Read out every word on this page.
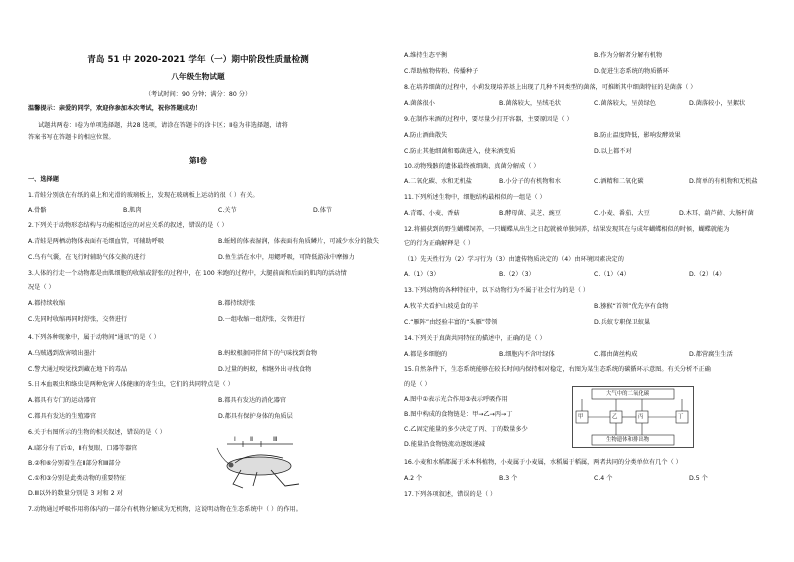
青岛 51 中 2020-2021 学年（一）期中阶段性质量检测
八年级生物试题
（考试时间：90 分钟；满分：80 分）
温馨提示：亲爱的同学，欢迎你参加本次考试，祝你答题成功！
试题共两卷：Ⅰ卷为单项选择题，共28 选项，请涂在答题卡的涂卡区；Ⅱ卷为非选择题，请将
答案书写在答题卡的相应位置。
第Ⅰ卷
一、选择题
1.青蛙分别放在有纸的桌上和光滑的玻璃板上，发现在玻璃板上运动的很（ ）有关。
A.骨骼	B.肌肉	C.关节	D.体节
2.下列关于动物形态结构与功能相适应的对应关系的叙述，错误的是（ ）
A.青蛙是两栖动物体表面有毛细血管，可辅助呼吸	B.蚯蚓的体表湿润，体表面有角质鳞片，可减少水分的散失
C.鸟有气囊，在飞行时辅助气体交换的进行	D.鱼生活在水中，用鳃呼吸，可降低游泳中摩擦力
3.人体的行走一个动物都是由肌细胞的收缩或舒张的过程中，在 100 米跑的过程中，大腿前面和后面的肌肉的活动情
况是（ ）
A.都持续收缩	B.都持续舒张
C.先同时收缩再同时舒张，交替进行	D.一组收缩一组舒张，交替进行
4.下列各种现象中，属于动物间“通讯”的是（ ）
A.乌贼遇到敌害喷出墨汁	B.蚂蚁根据同伴留下的气味找到食物
C.警犬通过嗅觉找到藏在地下的毒品	D.过量的蚂蚁，相继外出寻找食物
5.日本血吸虫和绦虫是两种危害人体健康的寄生虫，它们的共同特点是（ ）
A.都具有专门的运动器官	B.都具有发达的消化器官
C.都具有发达的生殖器官	D.都具有保护身体的角质层
6.关于右图所示的生物的相关叙述，错误的是（ ）
A.Ⅰ部分有了后①，Ⅱ有复眼、口器等器官
B.②和⑥分别着生在Ⅱ部分和Ⅲ部分
C.①和③分别是此类动物的重要特征
D.Ⅲ以外的数量分别是 3 对和 2 对
Ⅰ Ⅱ	Ⅲ
7.动物通过呼吸作用将体内的一部分有机物分解成为无机物，这说明动物在生态系统中（ ）的作用。
A.维持生态平衡	B.作为分解者分解有机物
C.帮助植物传粉、传播种子	D.促进生态系统的物质循环
8.在培养细菌的过程中，小莉发现培养基上出现了几种不同类型的菌落，可推断其中细菌特征的是菌落（ ）
A.菌落很小	B.菌落较大，呈绒毛状	C.菌落较大，呈黄绿色	D.菌落较小，呈絮状
9.在制作米酒的过程中，要尽量少打开容器，主要原因是（ ）
A.防止酒曲散失	B.防止温度降低，影响发酵效果
C.防止其他细菌和霉菌进入，使米酒变质	D.以上都不对
10.动物残骸的遗体最终被细菌、真菌分解成（ ）
A.二氧化碳、水和无机盐	B.小分子的有机物和水	C.酒精和二氧化碳	D.简单的有机物和无机盐
11.下列所述生物中，细胞结构最相似的一组是（ ）
A.青霉、小麦、香菇	B.酵母菌、灵芝、豌豆	C.小麦、番茄、大豆	D.木耳、葫芦藓、大肠杆菌
12.将捕获到的野生蝴蝶饲养，一只蝴蝶从出生之日起就被单独饲养，结果发现其在与成年蝴蝶相似的时候，蝴蝶就能为
它的行为正确解释是（ ）
（1）先天性行为（2）学习行为（3）由遗传物质决定的（4）由环境因素决定的
A.（1）（3）	B.（2）（3）	C.（1）（4）	D.（2）（4）
13.下列动物的各种特征中，以下动物行为不属于社会行为的是（ ）
A.牧羊犬看护山坡觅食的羊	B.猕猴“首领”优先享有食物
C.“雁阵”由经验丰富的“头雁”带领	D.兵蚁专职保卫蚁巢
14.下列关于真菌共同特征的描述中，正确的是（ ）
A.都是多细胞的	B.细胞内不含叶绿体	C.都由菌丝构成	D.都营腐生生活
15.自然条件下，生态系统能够在较长时间内保持相对稳定，右图为某生态系统的碳循环示意图。有关分析不正确
的是（ ）
A.图中①表示光合作用③表示呼吸作用
B.图中构成的食物链是：甲→乙→丙→丁
C.乙固定能量的多少决定了丙、丁的数量多少
D.能量沿食物链流动逐级递减
大气中的二氧化碳
生物遗体和排出物
甲	乙	丙	丁
16.小麦和水稻都属于禾本科植物，小麦属于小麦属，水稻属于稻属，两者共同的分类单位有几个（ ）
A.2 个	B.3 个	C.4 个	D.5 个
17.下列各项叙述，错误的是（ ）
